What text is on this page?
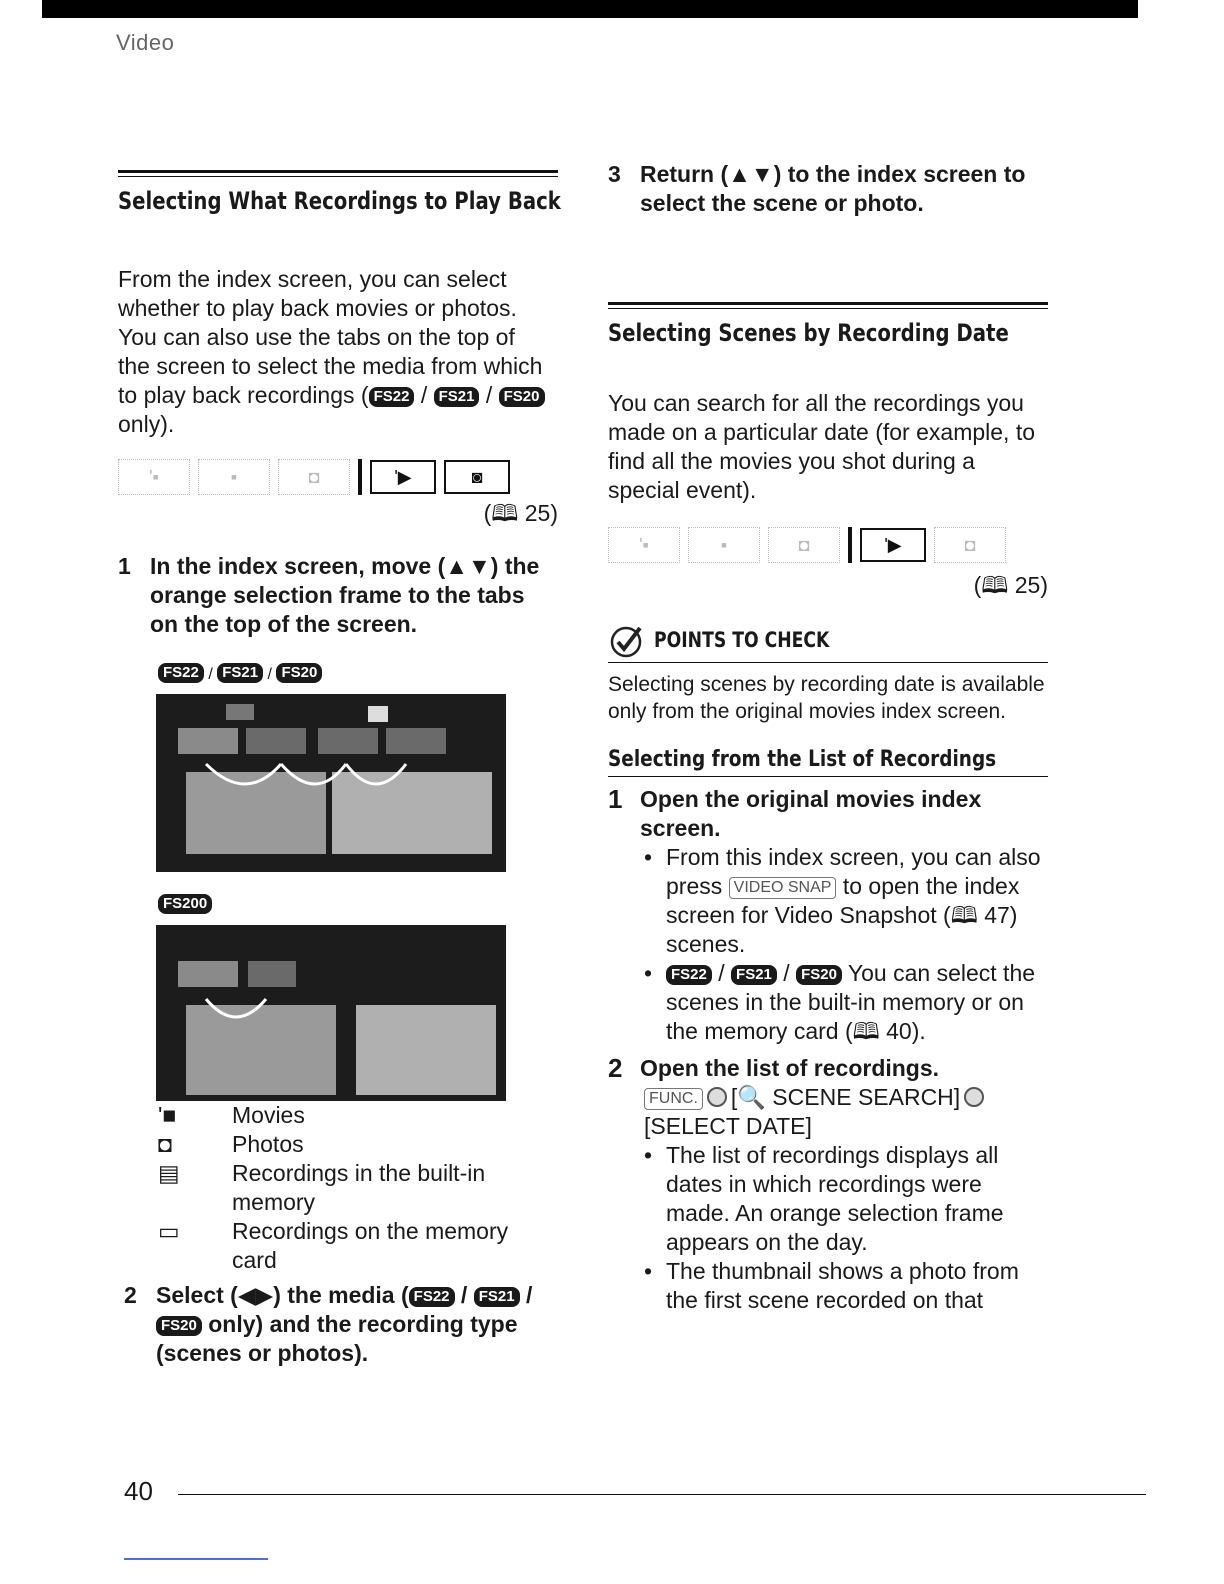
Video
Selecting What Recordings to Play Back
From the index screen, you can select whether to play back movies or photos. You can also use the tabs on the top of the screen to select the media from which to play back recordings ( FS22 / FS21 / FS20 only).
'▪	▪	◘	'▶	◙
(🕮 25)
1 In the index screen, move (▲▼) the orange selection frame to the tabs on the top of the screen.
FS22 / FS21 / FS20
FS200
'■	Movies
◘	Photos
▤	Recordings in the built-in memory
▭	Recordings on the memory card
2 Select (◀▶) the media ( FS22 / FS21 / FS20 only) and the recording type (scenes or photos).
3 Return (▲▼) to the index screen to select the scene or photo.
Selecting Scenes by Recording Date
You can search for all the recordings you made on a particular date (for example, to find all the movies you shot during a special event).
'▪	▪	◘	'▶	◘
(🕮 25)
POINTS TO CHECK
Selecting scenes by recording date is available only from the original movies index screen.
Selecting from the List of Recordings
1 Open the original movies index screen.
• From this index screen, you can also press VIDEO SNAP to open the index screen for Video Snapshot (🕮 47) scenes.
•	FS22 / FS21 / FS20 You can select the scenes in the built-in memory or on the memory card (🕮 40).
2 Open the list of recordings.
FUNC. [🔍 SCENE SEARCH]
[SELECT DATE]
• The list of recordings displays all dates in which recordings were made. An orange selection frame appears on the day.
• The thumbnail shows a photo from the first scene recorded on that
40
